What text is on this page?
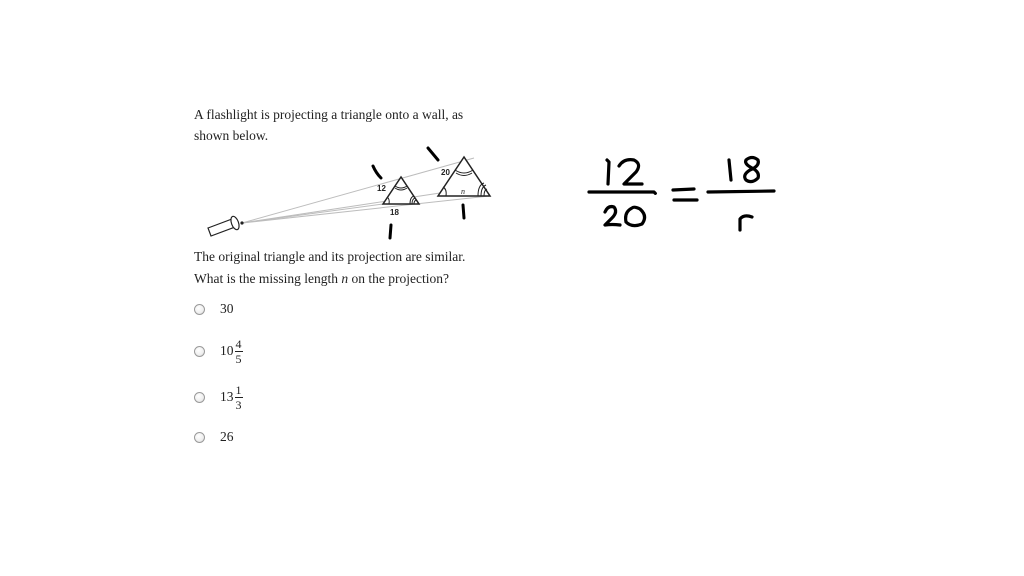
A flashlight is projecting a triangle onto a wall, as

shown below.

12
18
20
n
The original triangle and its projection are similar.
What is the missing length n on the projection?
30
$10 \frac{4}{5}$
$13 \frac{1}{3}$
26
